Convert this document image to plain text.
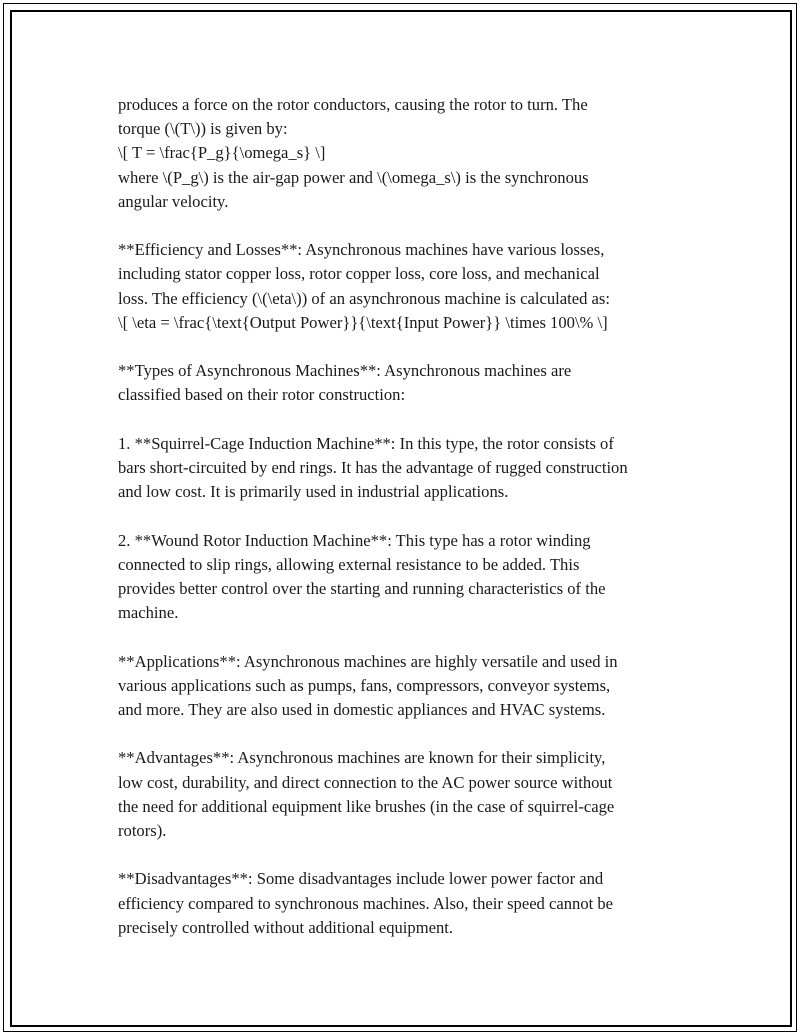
produces a force on the rotor conductors, causing the rotor to turn. The
torque (\(T\)) is given by:
\[ T = \frac{P_g}{\omega_s} \]
where \(P_g\) is the air-gap power and \(\omega_s\) is the synchronous
angular velocity.

**Efficiency and Losses**: Asynchronous machines have various losses,
including stator copper loss, rotor copper loss, core loss, and mechanical
loss. The efficiency (\(\eta\)) of an asynchronous machine is calculated as:
\[ \eta = \frac{\text{Output Power}}{\text{Input Power}} \times 100\% \]

**Types of Asynchronous Machines**: Asynchronous machines are
classified based on their rotor construction:

1. **Squirrel-Cage Induction Machine**: In this type, the rotor consists of
bars short-circuited by end rings. It has the advantage of rugged construction
and low cost. It is primarily used in industrial applications.

2. **Wound Rotor Induction Machine**: This type has a rotor winding
connected to slip rings, allowing external resistance to be added. This
provides better control over the starting and running characteristics of the
machine.

**Applications**: Asynchronous machines are highly versatile and used in
various applications such as pumps, fans, compressors, conveyor systems,
and more. They are also used in domestic appliances and HVAC systems.

**Advantages**: Asynchronous machines are known for their simplicity,
low cost, durability, and direct connection to the AC power source without
the need for additional equipment like brushes (in the case of squirrel-cage
rotors).

**Disadvantages**: Some disadvantages include lower power factor and
efficiency compared to synchronous machines. Also, their speed cannot be
precisely controlled without additional equipment.
